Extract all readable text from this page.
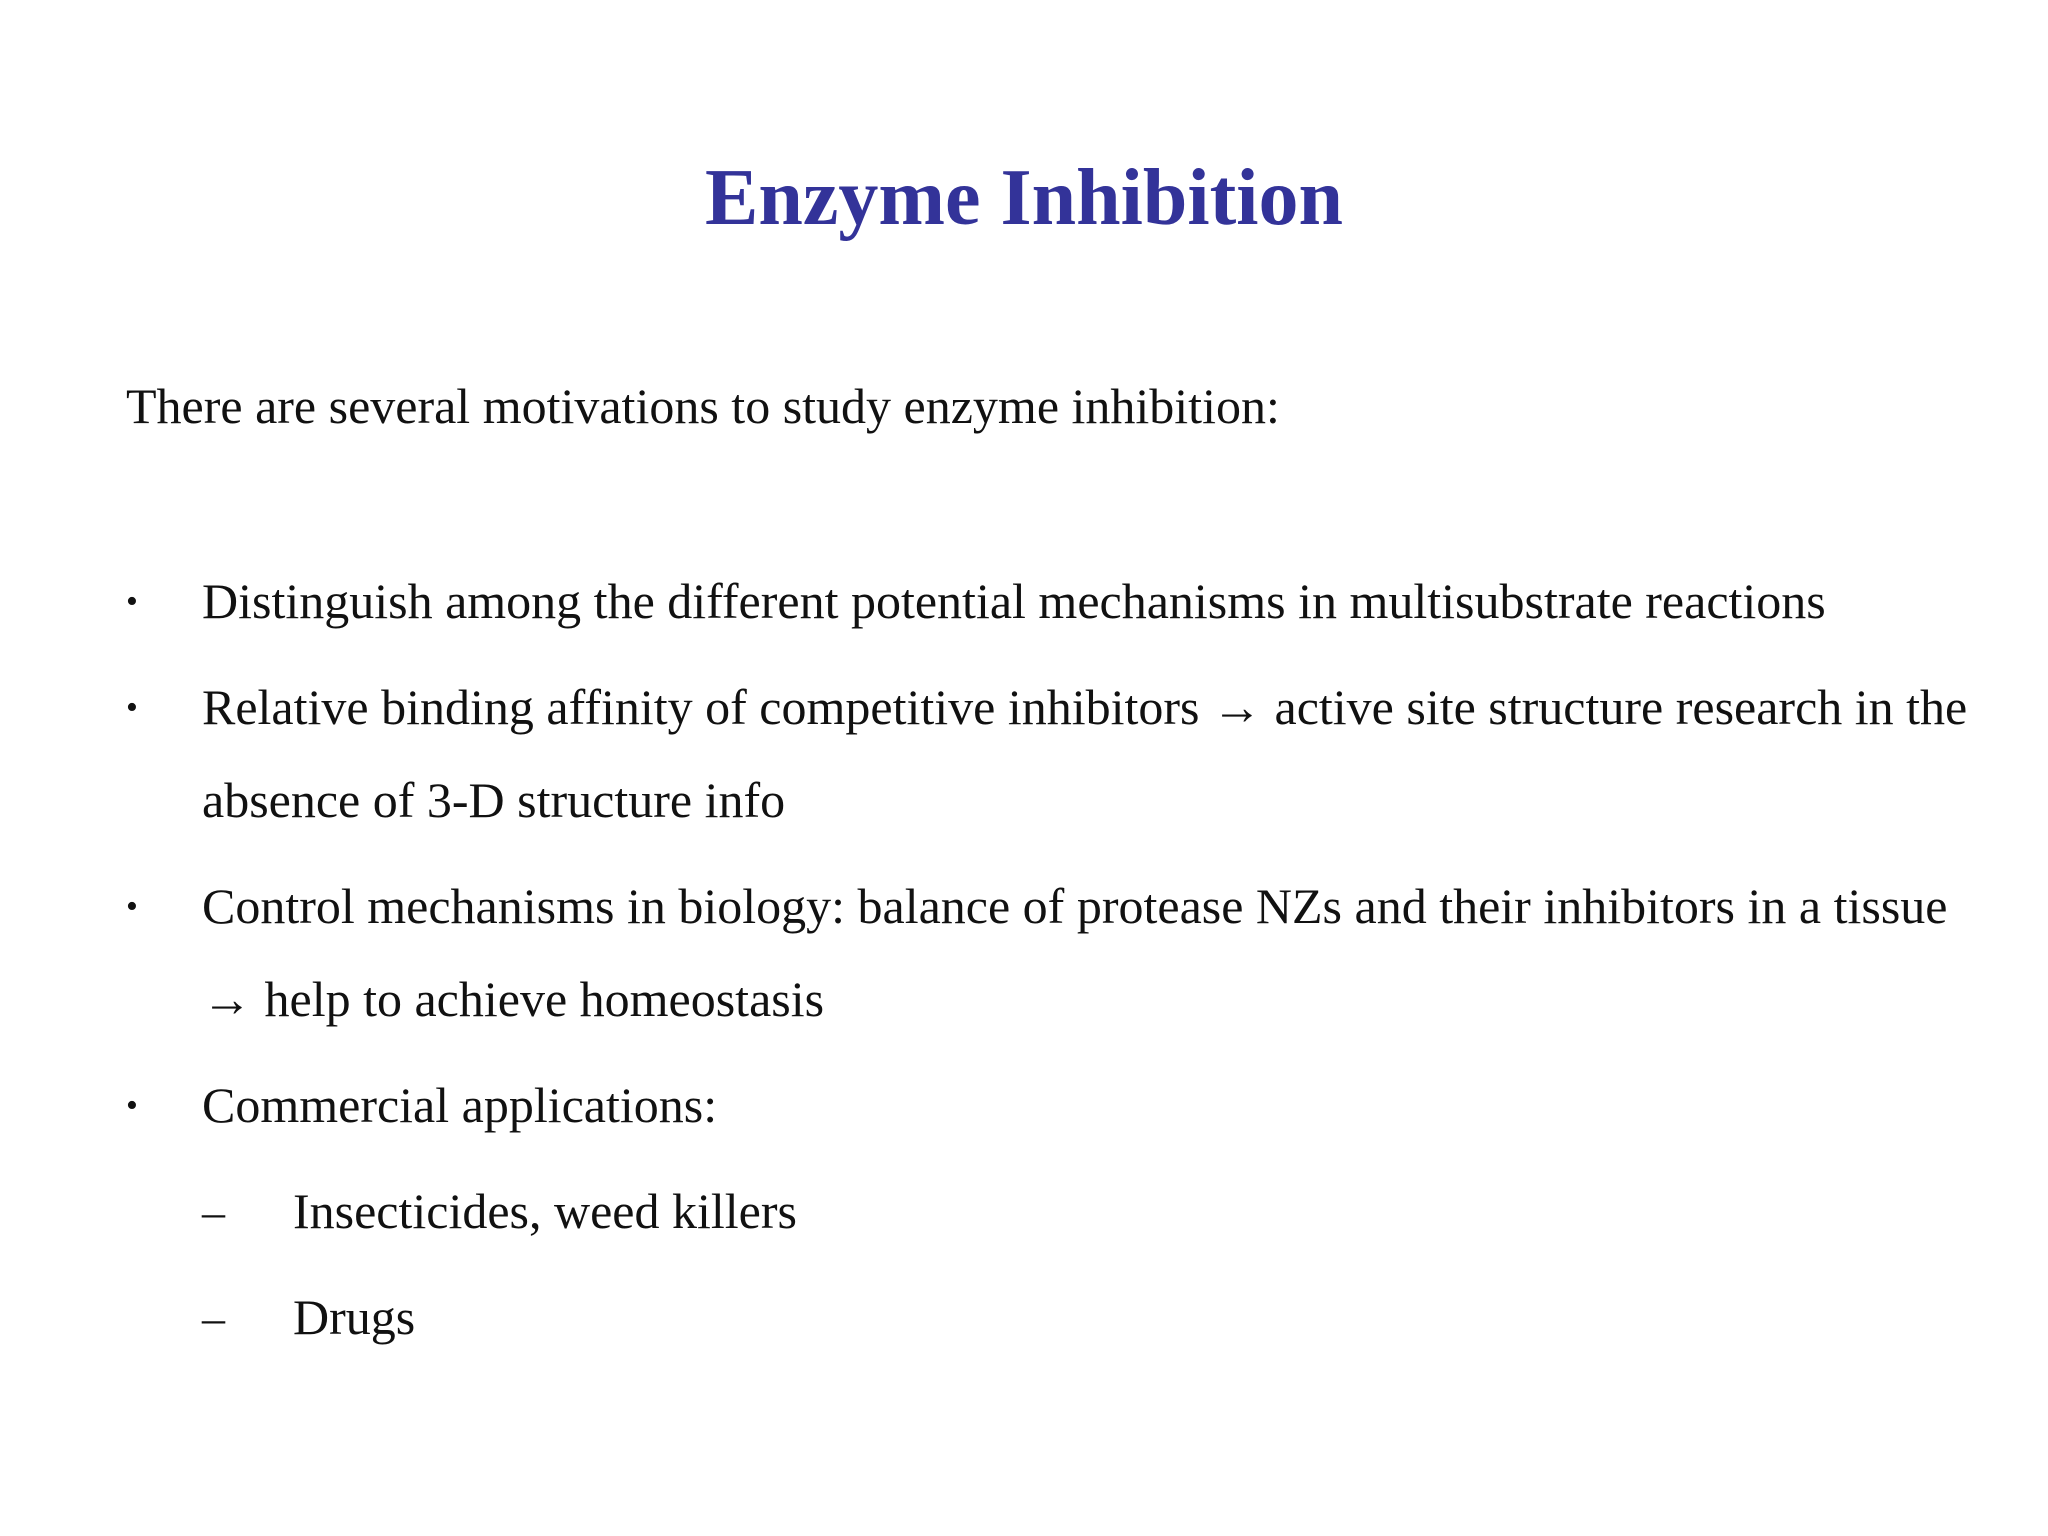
Enzyme Inhibition

There are several motivations to study enzyme inhibition:

•	Distinguish among the different potential mechanisms in multisubstrate reactions
•	Relative binding affinity of competitive inhibitors → active site structure research in the absence of 3-D structure info
•	Control mechanisms in biology: balance of protease NZs and their inhibitors in a tissue → help to achieve homeostasis
•	Commercial applications:
–	Insecticides, weed killers
–	Drugs
